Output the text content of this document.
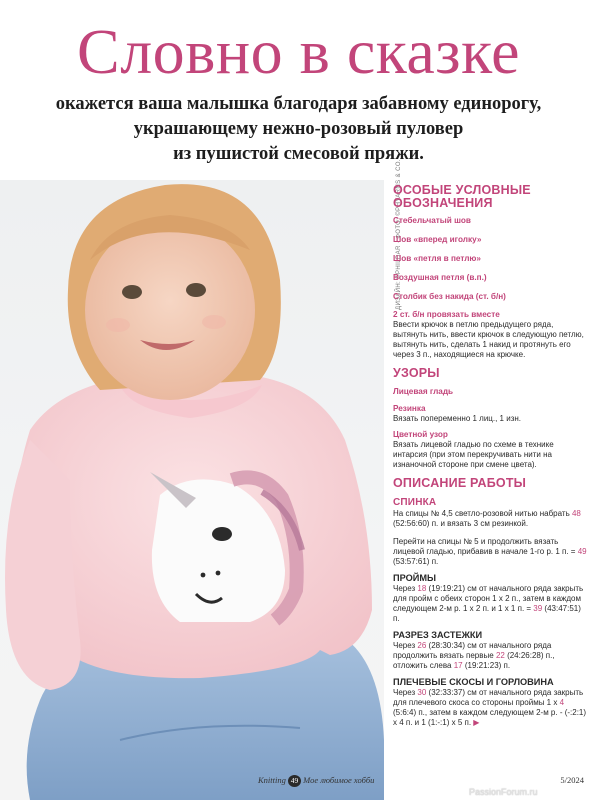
Словно в сказке
окажется ваша малышка благодаря забавному единорогу,
украшающему нежно-розовый пуловер
из пушистой смесовой пряжи.
ДИЗАЙН: ©PHILDAR · ФОТО: ©PHYARNS & CO.
ОСОБЫЕ УСЛОВНЫЕ
ОБОЗНАЧЕНИЯ
Стебельчатый шов
Шов «вперед иголку»
Шов «петля в петлю»
Воздушная петля (в.п.)
Столбик без накида (ст. б/н)
2 ст. б/н провязать вместе
Ввести крючок в петлю предыдущего ряда, вытянуть нить, ввести крючок в следующую петлю, вытянуть нить, сделать 1 накид и протянуть его через 3 п., находящиеся на крючке.
УЗОРЫ
Лицевая гладь
Резинка
Вязать попеременно 1 лиц., 1 изн.
Цветной узор
Вязать лицевой гладью по схеме в технике интарсия (при этом перекручивать нити на изнаночной стороне при смене цвета).
ОПИСАНИЕ РАБОТЫ
СПИНКА
На спицы № 4,5 светло-розовой нитью набрать 48 (52:56:60) п. и вязать 3 см резинкой.
Перейти на спицы № 5 и продолжить вязать лицевой гладью, прибавив в начале 1-го р. 1 п. = 49 (53:57:61) п.
ПРОЙМЫ
Через 18 (19:19:21) см от начального ряда закрыть для пройм с обеих сторон 1 х 2 п., затем в каждом следующем 2-м р. 1 х 2 п. и 1 х 1 п. = 39 (43:47:51) п.
РАЗРЕЗ ЗАСТЕЖКИ
Через 26 (28:30:34) см от начального ряда продолжить вязать первые 22 (24:26:28) п., отложить слева 17 (19:21:23) п.
ПЛЕЧЕВЫЕ СКОСЫ И ГОРЛОВИНА
Через 30 (32:33:37) см от начального ряда закрыть для плечевого скоса со стороны проймы 1 х 4 (5:6:4) п., затем в каждом следующем 2-м р. - (-:2:1) х 4 п. и 1 (1:-:1) х 5 п. ▶
Knitting 49 Мое любимое хобби	5/2024
PassionForum.ru
